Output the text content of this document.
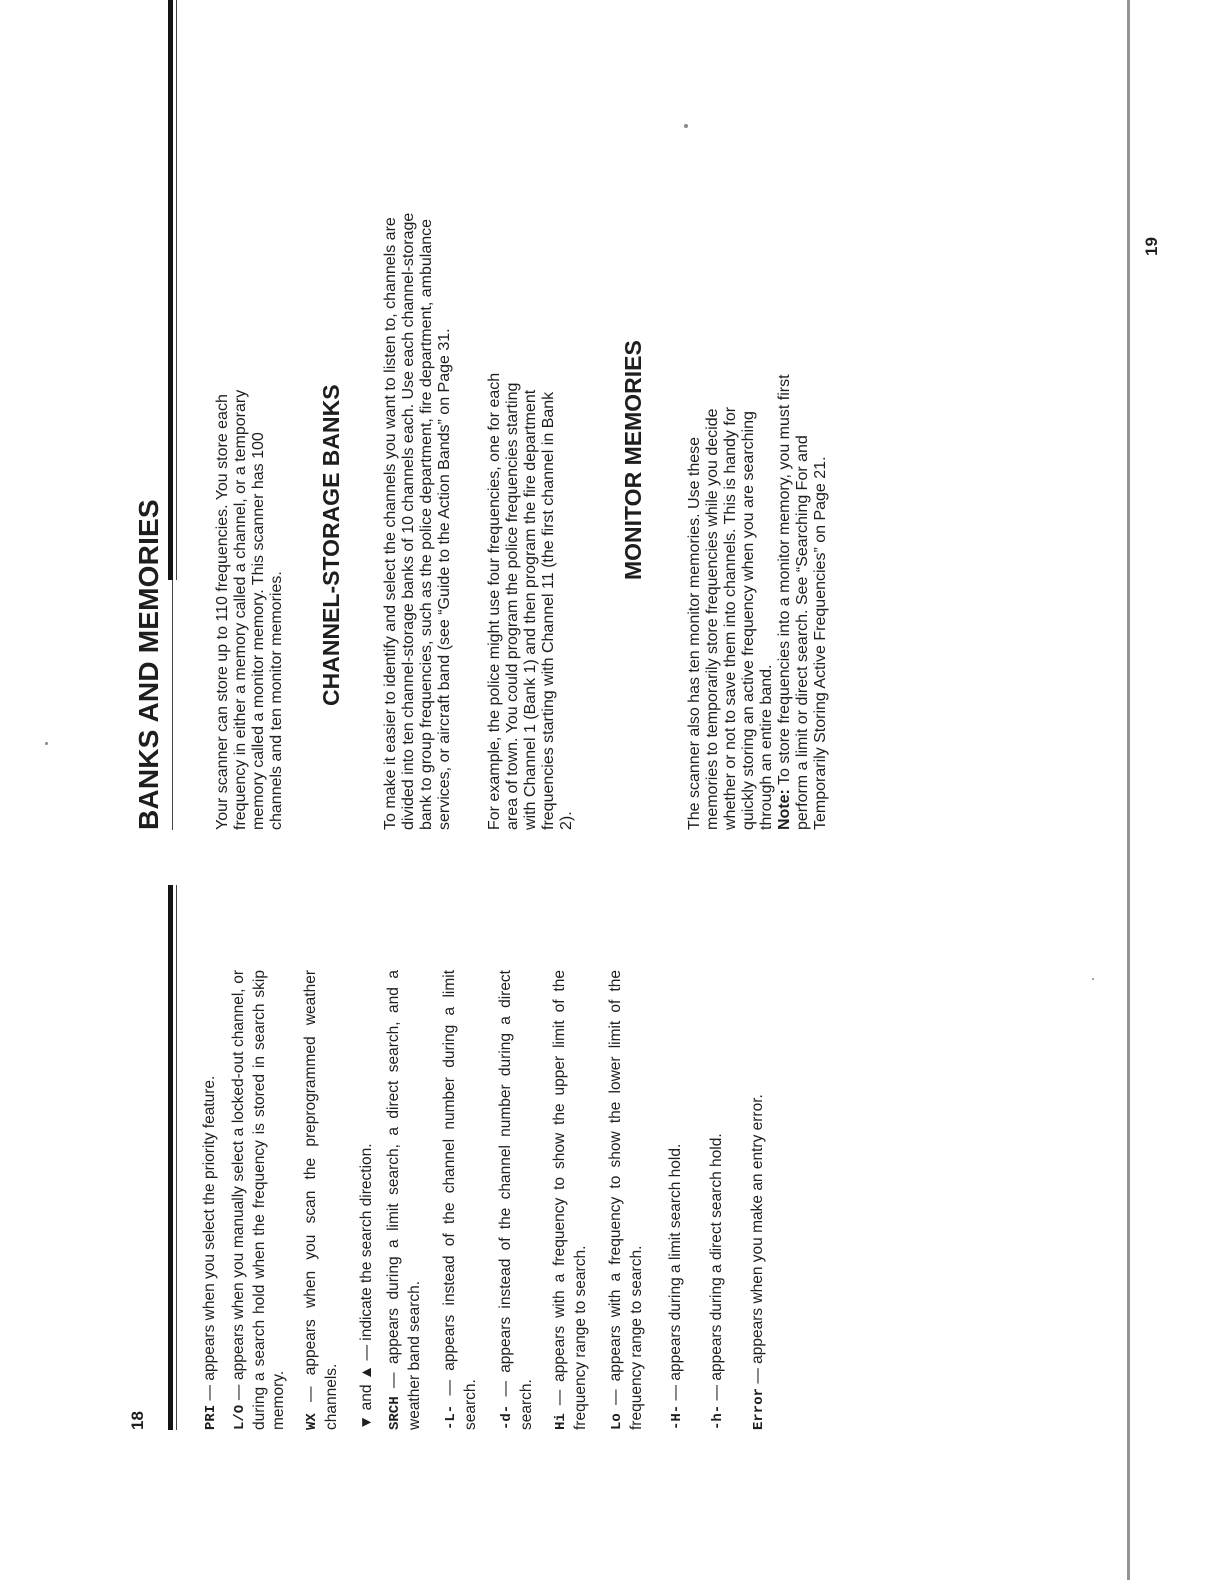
PRI — appears when you select the priority feature.

L/O — appears when you manually select a locked-out channel, or during a search hold when the frequency is stored in search skip memory. WX — appears when you scan the preprogrammed weather channels. ▼ and ▲ — indicate the search direction.

SRCH — appears during a limit search, a direct search, and a weather band search. -L- — appears instead of the channel number during a limit search. -d- — appears instead of the channel number during a direct search. Hi — appears with a frequency to show the upper limit of the frequency range to search. Lo — appears with a frequency to show the lower limit of the frequency range to search. -H- — appears during a limit search hold.

-h- — appears during a direct search hold.

Error — appears when you make an entry error.

18
BANKS AND MEMORIES	Your scanner can store up to 110 frequencies. You store each frequency in either a memory called a channel, or a temporary memory called a monitor memory. This scanner has 100 channels and ten monitor memories. CHANNEL-STORAGE BANKS To make it easier to identify and select the channels you want to listen to, channels are divided into ten channel-storage banks of 10 channels each. Use each channel-storage bank to group frequencies, such as the police department, fire department, ambulance services, or aircraft band (see “Guide to the Action Bands” on Page 31. For example, the police might use four frequencies, one for each area of town. You could program the police frequencies starting with Channel 1 (Bank 1) and then program the fire department frequencies starting with Channel 11 (the first channel in Bank 2).

MONITOR MEMORIES	The scanner also has ten monitor memories. Use these memories to temporarily store frequencies while you decide whether or not to save them into channels. This is handy for quickly storing an active frequency when you are searching through an entire band. Note: To store frequencies into a monitor memory, you must first perform a limit or direct search. See “Searching For and Temporarily Storing Active Frequencies” on Page 21.

19
